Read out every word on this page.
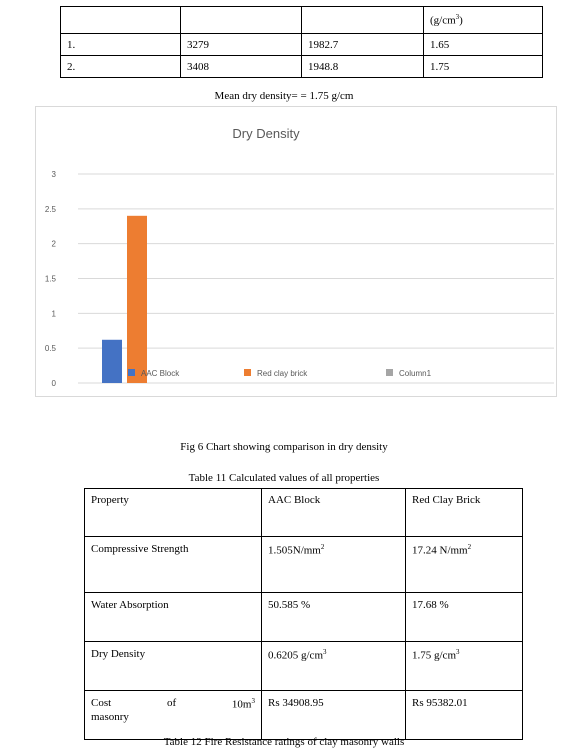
			$(g/cm^3)$
1.	3279	1982.7	1.65
2.	3408	1948.8	1.75
Mean dry density= = 1.75 g/cm
Dry Density
0
0.5
1
1.5
2
2.5
3
AAC Block	Red clay brick	Column1
Fig 6 Chart showing comparison in dry density
Table 11 Calculated values of all properties
Property	AAC Block	Red Clay Brick
Compressive Strength	$1.505N/mm^2$	17.24 $N/mm^2$
Water Absorption	50.585 %	17.68 %
Dry Density	0.6205 $g/cm^3$	1.75 $g/cm^3$

Cost of $10m^3$
masonry	Rs 34908.95	Rs 95382.01
Table 12 Fire Resistance ratings of clay masonry walls
